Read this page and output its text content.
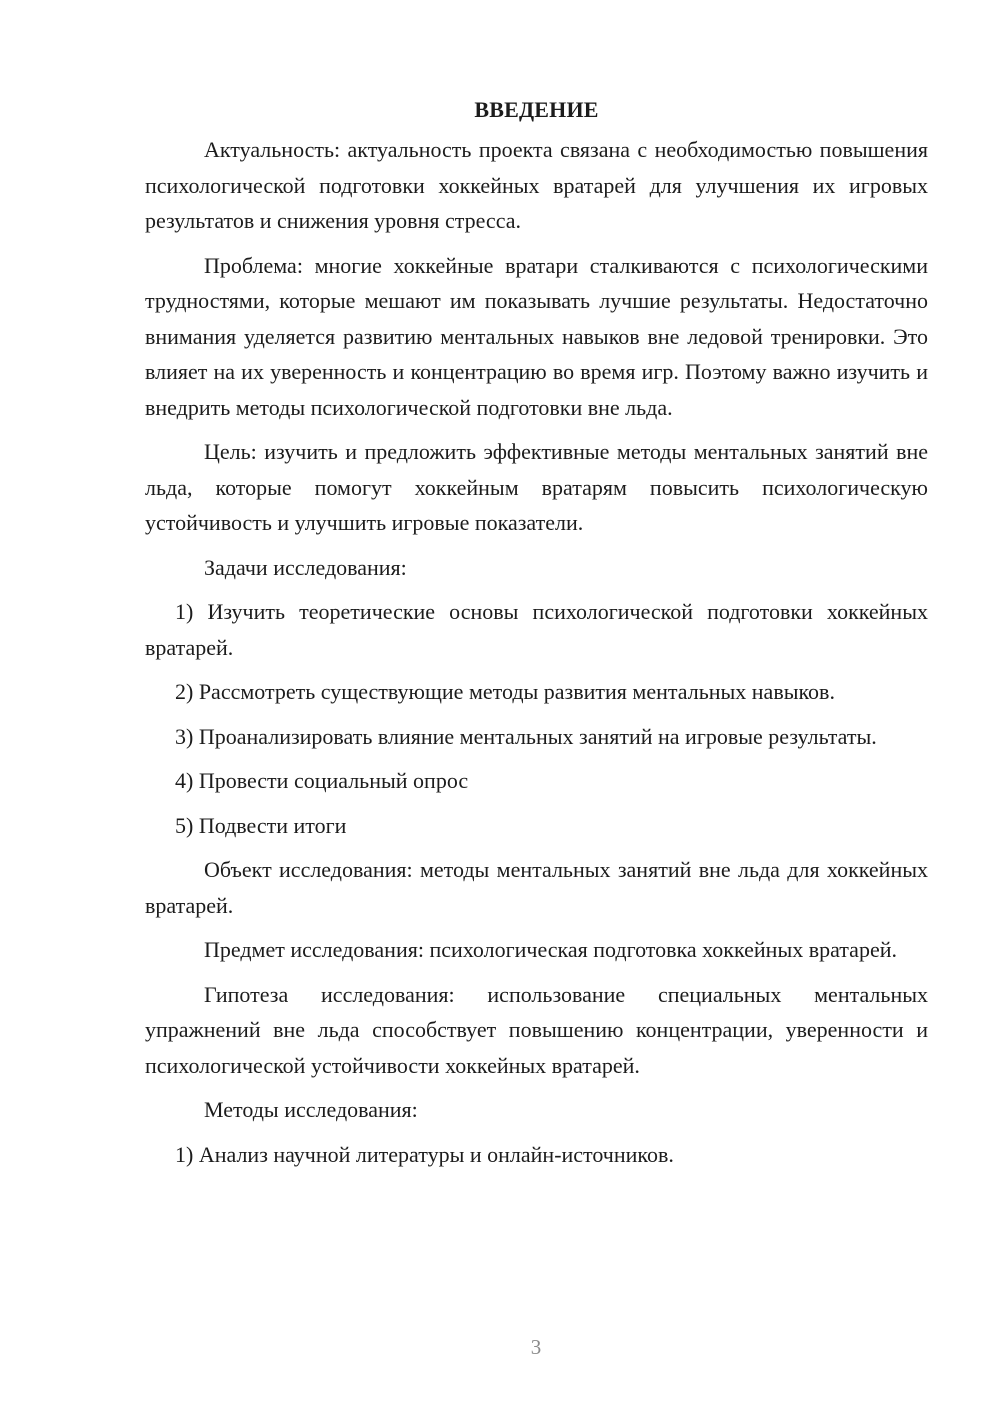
ВВЕДЕНИЕ

Актуальность: актуальность проекта связана с необходимостью повышения психологической подготовки хоккейных вратарей для улучшения их игровых результатов и снижения уровня стресса.

Проблема: многие хоккейные вратари сталкиваются с психологическими трудностями, которые мешают им показывать лучшие результаты. Недостаточно внимания уделяется развитию ментальных навыков вне ледовой тренировки. Это влияет на их уверенность и концентрацию во время игр. Поэтому важно изучить и внедрить методы психологической подготовки вне льда.

Цель: изучить и предложить эффективные методы ментальных занятий вне льда, которые помогут хоккейным вратарям повысить психологическую устойчивость и улучшить игровые показатели.

Задачи исследования:

1) Изучить теоретические основы психологической подготовки хоккейных вратарей.

2) Рассмотреть существующие методы развития ментальных навыков.

3) Проанализировать влияние ментальных занятий на игровые результаты.

4) Провести социальный опрос

5) Подвести итоги

Объект исследования: методы ментальных занятий вне льда для хоккейных вратарей.

Предмет исследования: психологическая подготовка хоккейных вратарей.

Гипотеза исследования: использование специальных ментальных упражнений вне льда способствует повышению концентрации, уверенности и психологической устойчивости хоккейных вратарей.

Методы исследования:

1) Анализ научной литературы и онлайн-источников.

3
